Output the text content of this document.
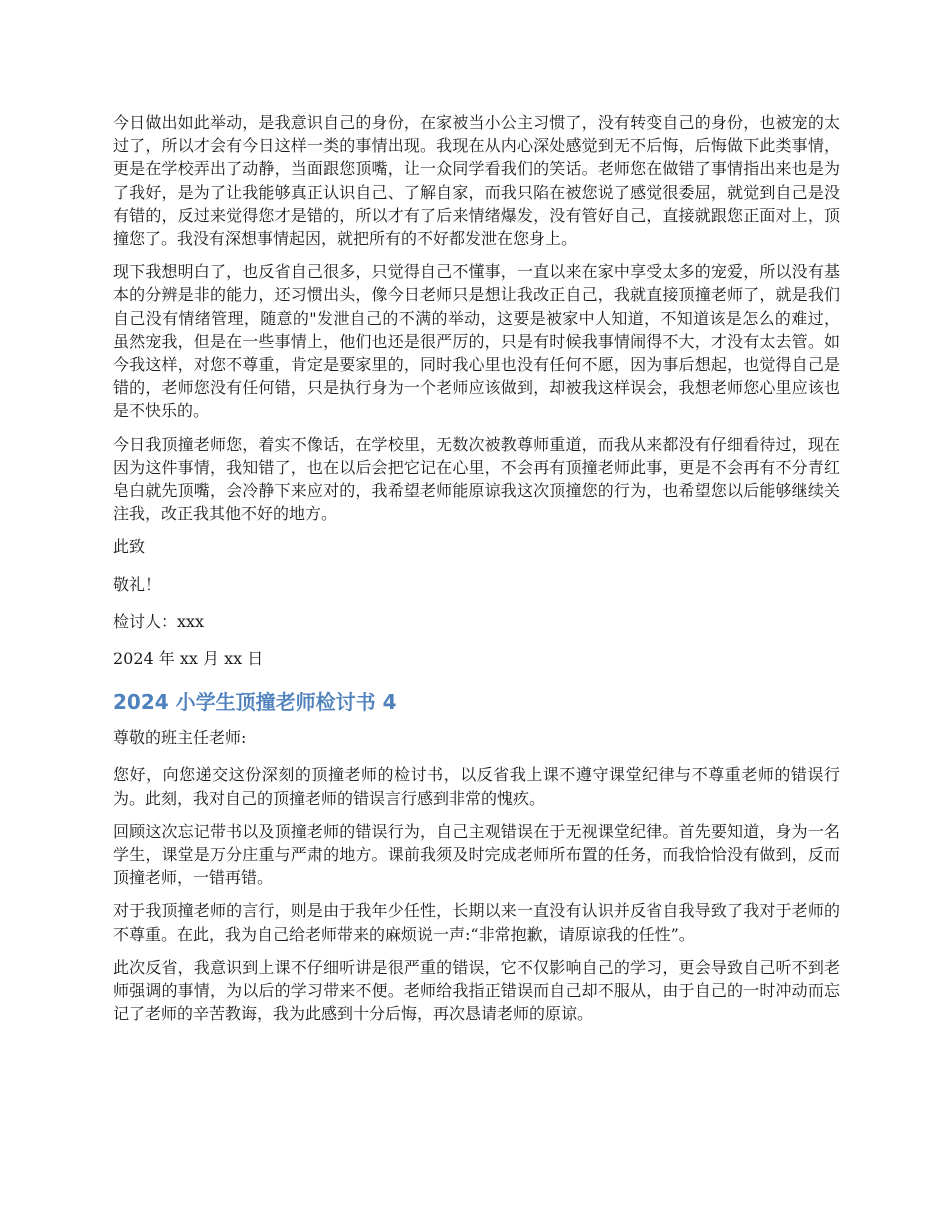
今日做出如此举动，是我意识自己的身份，在家被当小公主习惯了，没有转变自己的身份，也被宠的太过了，所以才会有今日这样一类的事情出现。我现在从内心深处感觉到无不后悔，后悔做下此类事情，更是在学校弄出了动静，当面跟您顶嘴，让一众同学看我们的笑话。老师您在做错了事情指出来也是为了我好，是为了让我能够真正认识自己、了解自家，而我只陷在被您说了感觉很委屈，就觉到自己是没有错的，反过来觉得您才是错的，所以才有了后来情绪爆发，没有管好自己，直接就跟您正面对上，顶撞您了。我没有深想事情起因，就把所有的不好都发泄在您身上。

现下我想明白了，也反省自己很多，只觉得自己不懂事，一直以来在家中享受太多的宠爱，所以没有基本的分辨是非的能力，还习惯出头，像今日老师只是想让我改正自己，我就直接顶撞老师了，就是我们自己没有情绪管理，随意的"发泄自己的不满的举动，这要是被家中人知道，不知道该是怎么的难过，虽然宠我，但是在一些事情上，他们也还是很严厉的，只是有时候我事情闹得不大，才没有太去管。如今我这样，对您不尊重，肯定是要家里的，同时我心里也没有任何不愿，因为事后想起，也觉得自己是错的，老师您没有任何错，只是执行身为一个老师应该做到，却被我这样误会，我想老师您心里应该也是不快乐的。

今日我顶撞老师您，着实不像话，在学校里，无数次被教尊师重道，而我从来都没有仔细看待过，现在因为这件事情，我知错了，也在以后会把它记在心里，不会再有顶撞老师此事，更是不会再有不分青红皂白就先顶嘴，会冷静下来应对的，我希望老师能原谅我这次顶撞您的行为，也希望您以后能够继续关注我，改正我其他不好的地方。

此致

敬礼！

检讨人：xxx

2024 年 xx 月 xx 日

2024 小学生顶撞老师检讨书 4

尊敬的班主任老师:

您好，向您递交这份深刻的顶撞老师的检讨书，以反省我上课不遵守课堂纪律与不尊重老师的错误行为。此刻，我对自己的顶撞老师的错误言行感到非常的愧疚。

回顾这次忘记带书以及顶撞老师的错误行为，自己主观错误在于无视课堂纪律。首先要知道，身为一名学生，课堂是万分庄重与严肃的地方。课前我须及时完成老师所布置的任务，而我恰恰没有做到，反而顶撞老师，一错再错。

对于我顶撞老师的言行，则是由于我年少任性，长期以来一直没有认识并反省自我导致了我对于老师的不尊重。在此，我为自己给老师带来的麻烦说一声:“非常抱歉，请原谅我的任性”。

此次反省，我意识到上课不仔细听讲是很严重的错误，它不仅影响自己的学习，更会导致自己听不到老师强调的事情，为以后的学习带来不便。老师给我指正错误而自己却不服从，由于自己的一时冲动而忘记了老师的辛苦教诲，我为此感到十分后悔，再次恳请老师的原谅。
